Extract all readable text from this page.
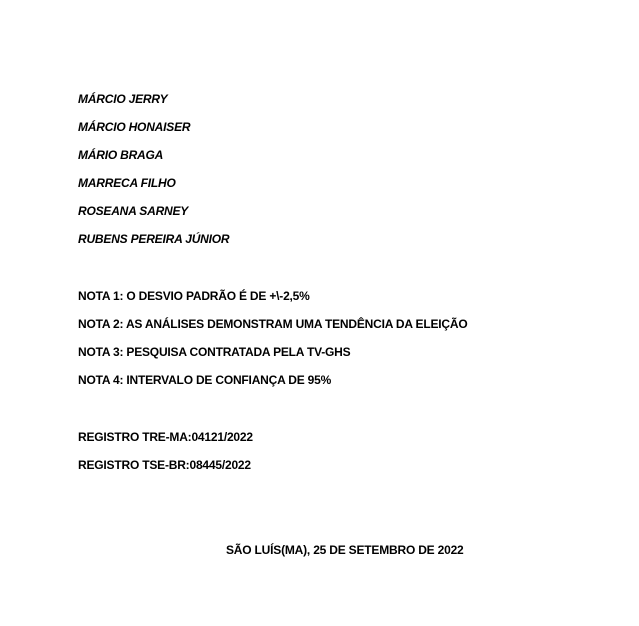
MÁRCIO JERRY
MÁRCIO HONAISER
MÁRIO BRAGA
MARRECA FILHO
ROSEANA SARNEY
RUBENS PEREIRA JÚNIOR
NOTA 1: O DESVIO PADRÃO É DE +\-2,5%
NOTA 2: AS ANÁLISES DEMONSTRAM UMA TENDÊNCIA DA ELEIÇÃO
NOTA 3: PESQUISA CONTRATADA PELA TV-GHS
NOTA 4: INTERVALO DE CONFIANÇA DE 95%
REGISTRO TRE-MA:04121/2022
REGISTRO TSE-BR:08445/2022
SÃO LUÍS(MA), 25 DE SETEMBRO DE 2022
